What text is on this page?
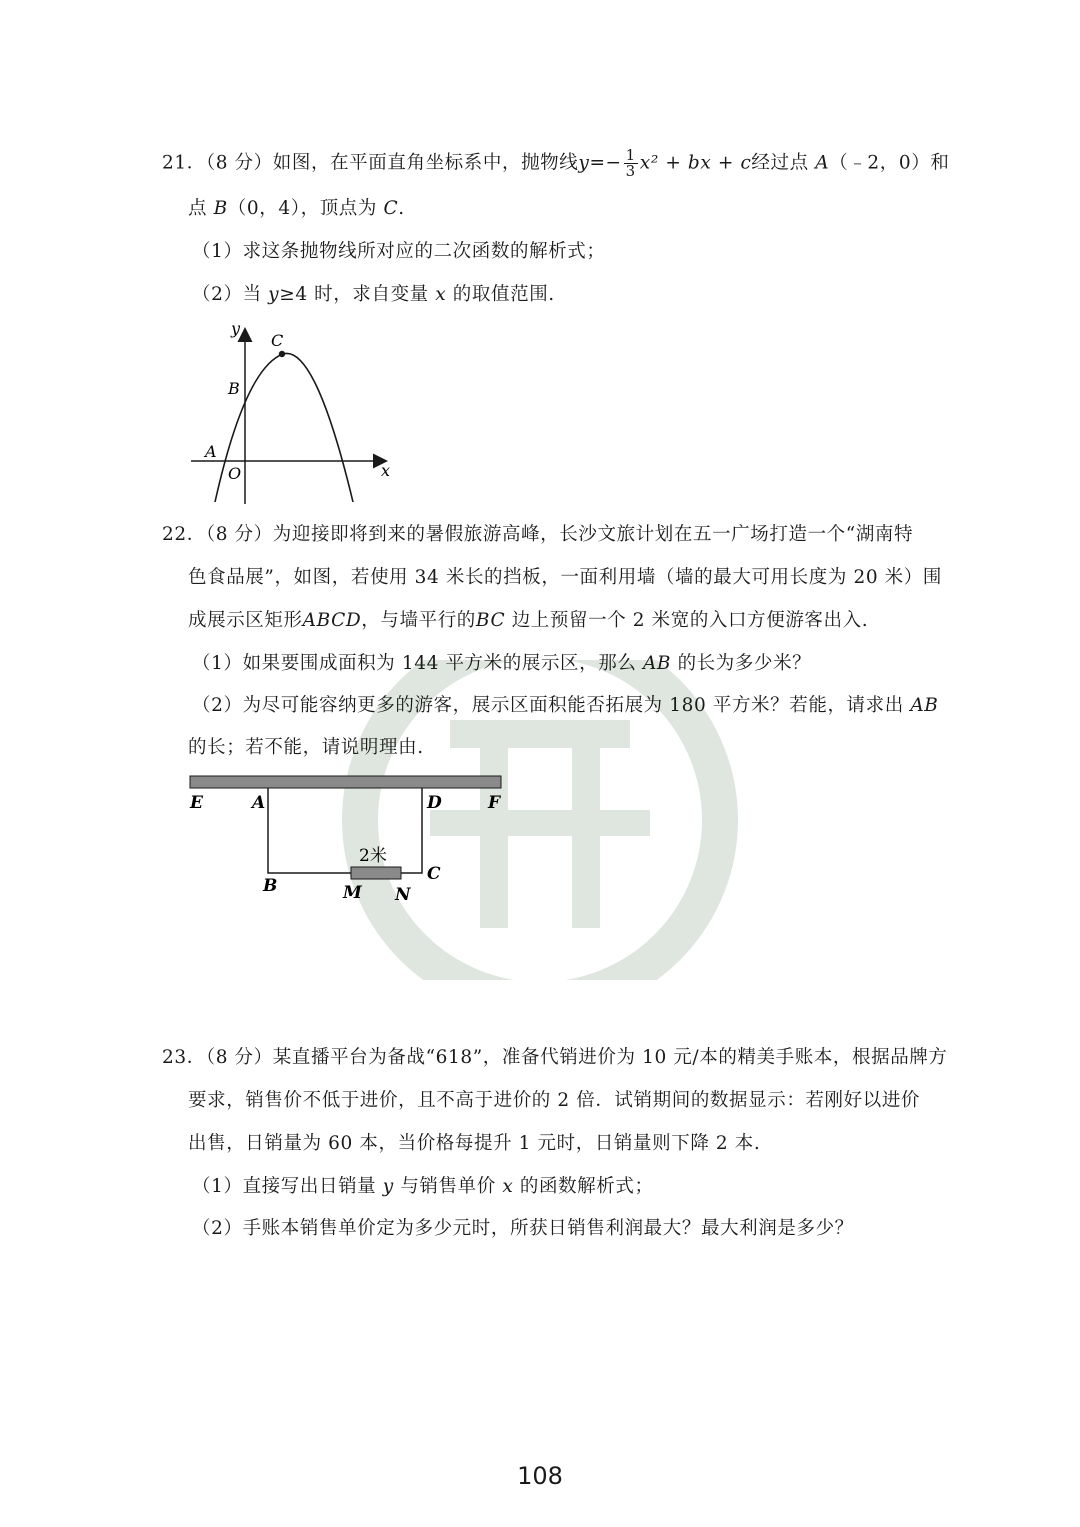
21．（8 分）如图，在平面直角坐标系中，抛物线$y=- \frac{1}{3} x^2$ + bx + c经过点 A（﹣2，0）和
点 B（0，4），顶点为 C.
（1）求这条抛物线所对应的二次函数的解析式；
（2）当 y≥4 时，求自变量 x 的取值范围.
y
x
O
A
B
C
22．（8 分）为迎接即将到来的暑假旅游高峰，长沙文旅计划在五一广场打造一个“湖南特
色食品展”，如图，若使用 34 米长的挡板，一面利用墙（墙的最大可用长度为 20 米）围
成展示区矩形ABCD，与墙平行的BC 边上预留一个 2 米宽的入口方便游客出入.
（1）如果要围成面积为 144 平方米的展示区，那么 AB 的长为多少米？
（2）为尽可能容纳更多的游客，展示区面积能否拓展为 180 平方米？若能，请求出 AB
的长；若不能，请说明理由.
E	A	D	F
B
C
M N
2米
23．（8 分）某直播平台为备战“618”，准备代销进价为 10 元/本的精美手账本，根据品牌方
要求，销售价不低于进价，且不高于进价的 2 倍．试销期间的数据显示：若刚好以进价
出售，日销量为 60 本，当价格每提升 1 元时，日销量则下降 2 本.
（1）直接写出日销量 y 与销售单价 x 的函数解析式；
（2）手账本销售单价定为多少元时，所获日销售利润最大？最大利润是多少？
108
